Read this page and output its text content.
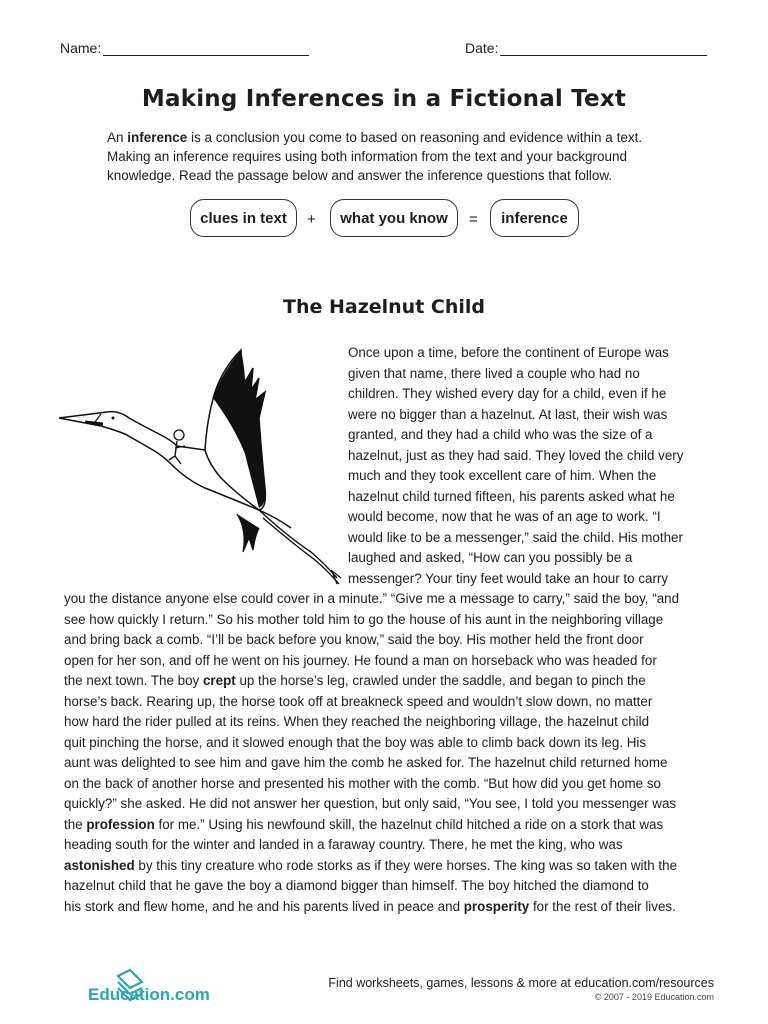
Name:	Date:
Making Inferences in a Fictional Text
An inference is a conclusion you come to based on reasoning and evidence within a text.
Making an inference requires using both information from the text and your background
knowledge. Read the passage below and answer the inference questions that follow.
clues in text	+	what you know	=	inference
The Hazelnut Child
Once upon a time, before the continent of Europe was
given that name, there lived a couple who had no
children. They wished every day for a child, even if he
were no bigger than a hazelnut. At last, their wish was
granted, and they had a child who was the size of a
hazelnut, just as they had said. They loved the child very
much and they took excellent care of him. When the
hazelnut child turned fifteen, his parents asked what he
would become, now that he was of an age to work. “I
would like to be a messenger,” said the child. His mother
laughed and asked, “How can you possibly be a
messenger? Your tiny feet would take an hour to carry
you the distance anyone else could cover in a minute.” “Give me a message to carry,” said the boy, “and
see how quickly I return.” So his mother told him to go the house of his aunt in the neighboring village
and bring back a comb. “I’ll be back before you know,” said the boy. His mother held the front door
open for her son, and off he went on his journey. He found a man on horseback who was headed for
the next town. The boy crept up the horse’s leg, crawled under the saddle, and began to pinch the
horse’s back. Rearing up, the horse took off at breakneck speed and wouldn’t slow down, no matter
how hard the rider pulled at its reins. When they reached the neighboring village, the hazelnut child
quit pinching the horse, and it slowed enough that the boy was able to climb back down its leg. His
aunt was delighted to see him and gave him the comb he asked for. The hazelnut child returned home
on the back of another horse and presented his mother with the comb. “But how did you get home so
quickly?” she asked. He did not answer her question, but only said, “You see, I told you messenger was
the profession for me.” Using his newfound skill, the hazelnut child hitched a ride on a stork that was
heading south for the winter and landed in a faraway country. There, he met the king, who was
astonished by this tiny creature who rode storks as if they were horses. The king was so taken with the
hazelnut child that he gave the boy a diamond bigger than himself. The boy hitched the diamond to
his stork and flew home, and he and his parents lived in peace and prosperity for the rest of their lives.
Education.com
Find worksheets, games, lessons & more at education.com/resources
© 2007 - 2019 Education.com
